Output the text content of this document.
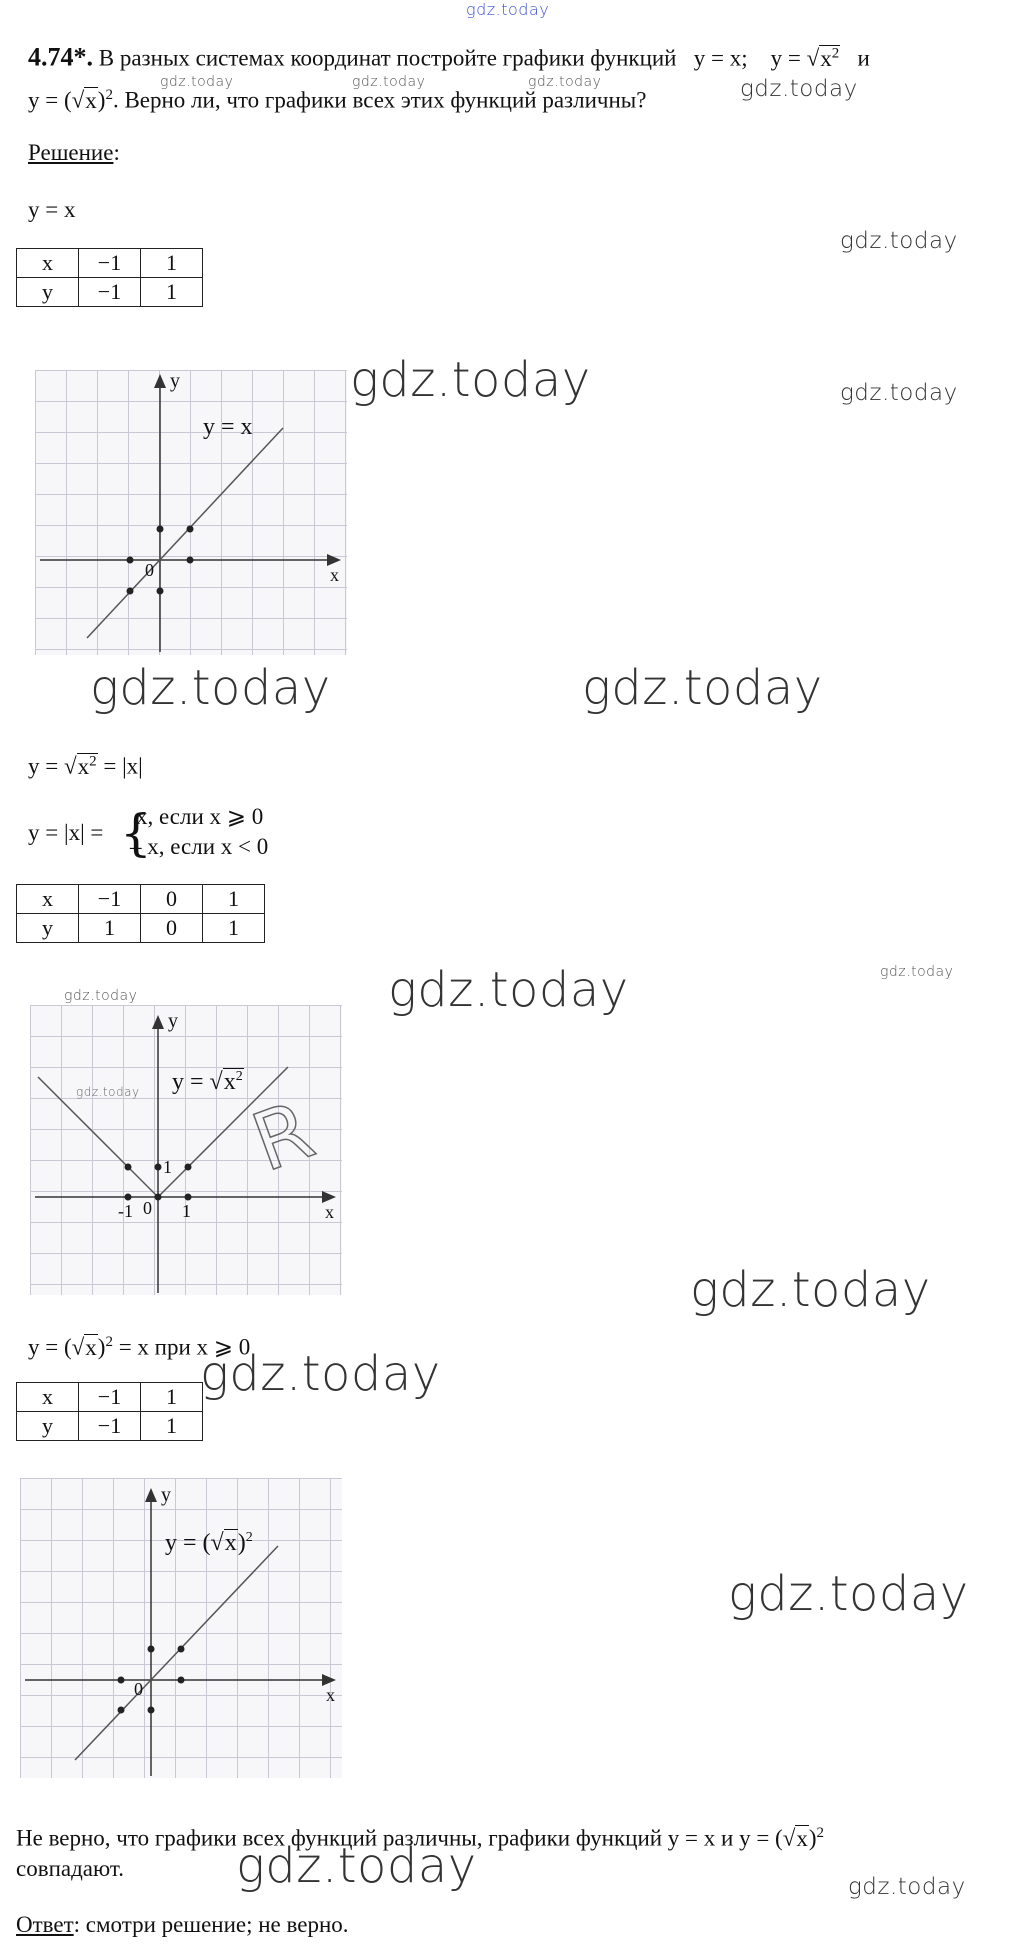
gdz.today
4.74*. В разных системах координат постройте графики функций y = x; $y = √x^2$ и
$y = (√x)^2$. Верно ли, что графики всех этих функций различны?
gdz.today	gdz.today	gdz.today	gdz.today
Решение:
y = x
gdz.today
x	−1	1
y	−1	1
y
x
0
y = x
gdz.today	gdz.today
gdz.today	gdz.today
$y = √x^2 = |x|$
y = |x| = {
x, если x ⩾ 0
– x, если x < 0
x	−1	0	1
y	1	0	1
gdz.today	gdz.today
gdz.today
y
x
0
-1	1
1
$y = √x^2$
gdz.today R
gdz.today
$y = (√x)^2 = x$ при x ⩾ 0
x	−1	1
y	−1	1
gdz.today
y
x
0
$y = (√x)^2$
gdz.today
Не верно, что графики всех функций различны, графики функций y = x и $y = (√x)^2$
совпадают. gdz.today	gdz.today
Ответ: смотри решение; не верно.
